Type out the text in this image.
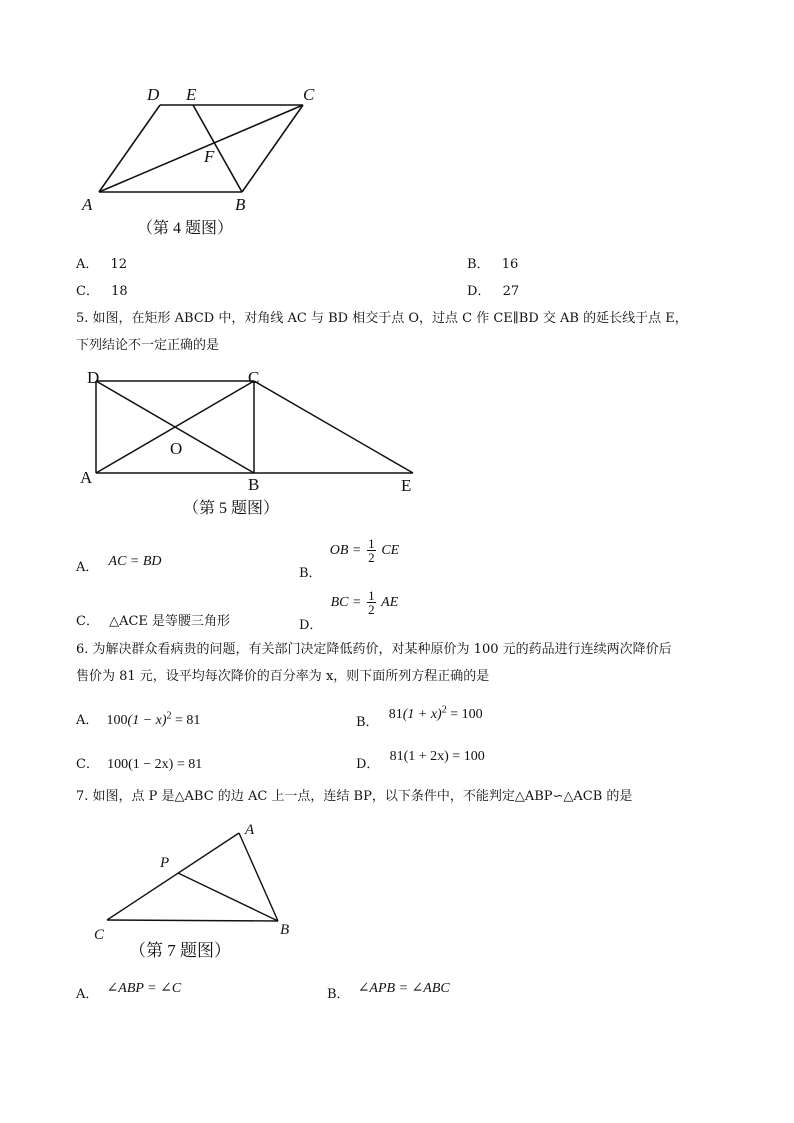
D E	C
F
A	B
（第 4 题图）
A． 12	B． 16
C． 18	D． 27
5. 如图，在矩形 ABCD 中，对角线 AC 与 BD 相交于点 O，过点 C 作 CE∥BD 交 AB 的延长线于点 E，
下列结论不一定正确的是
D	C
O
A	B	E
（第 5 题图）
A． AC = BD
B． OB = $\frac{1}{2}$ CE
C． △ACE 是等腰三角形	D． BC = $\frac{1}{2}$ AE
6. 为解决群众看病贵的问题，有关部门决定降低药价，对某种原价为 100 元的药品进行连续两次降价后
售价为 81 元，设平均每次降价的百分率为 x，则下面所列方程正确的是
A． $100(1 - x)^2 = 81$	B． $81(1 + x)^2 = 100$
C． 100(1 − 2x) = 81	D． 81(1 + 2x) = 100
7. 如图，点 P 是△ABC 的边 AC 上一点，连结 BP，以下条件中，不能判定△ABP∽△ACB 的是
A
P
C	B
（第 7 题图）
A． ∠ABP = ∠C	B． ∠APB = ∠ABC
